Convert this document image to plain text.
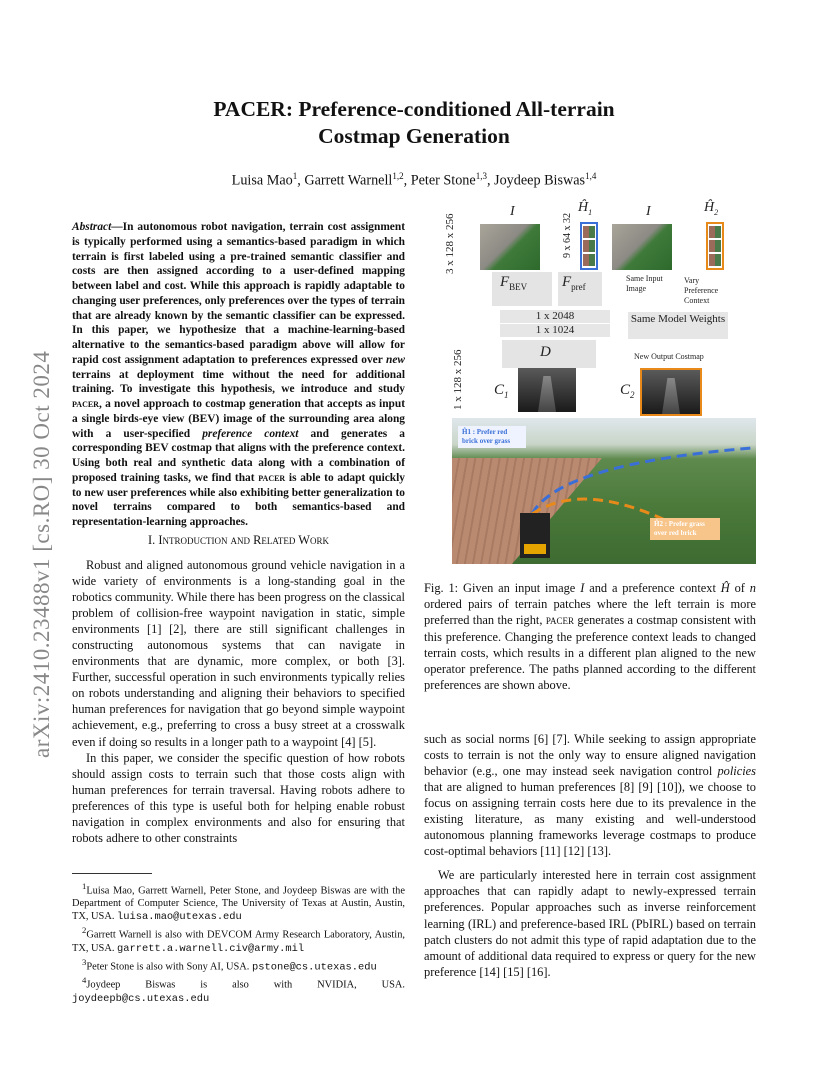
arXiv:2410.23488v1 [cs.RO] 30 Oct 2024
PACER: Preference-conditioned All-terrain
Costmap Generation
Luisa Mao$^1$, Garrett Warnell$^{1,2}$, Peter Stone$^{1,3}$, Joydeep Biswas$^{1,4}$
Abstract—In autonomous robot navigation, terrain cost assignment is typically performed using a semantics-based paradigm in which terrain is first labeled using a pre-trained semantic classifier and costs are then assigned according to a user-defined mapping between label and cost. While this approach is rapidly adaptable to changing user preferences, only preferences over the types of terrain that are already known by the semantic classifier can be expressed. In this paper, we hypothesize that a machine-learning-based alternative to the semantics-based paradigm above will allow for rapid cost assignment adaptation to preferences expressed over new terrains at deployment time without the need for additional training. To investigate this hypothesis, we introduce and study pacer, a novel approach to costmap generation that accepts as input a single birds-eye view (BEV) image of the surrounding area along with a user-specified preference context and generates a corresponding BEV costmap that aligns with the preference context. Using both real and synthetic data along with a combination of proposed training tasks, we find that pacer is able to adapt quickly to new user preferences while also exhibiting better generalization to novel terrains compared to both semantics-based and representation-learning approaches.
I. Introduction and Related Work

Robust and aligned autonomous ground vehicle navigation in a wide variety of environments is a long-standing goal in the robotics community. While there has been progress on the classical problem of collision-free waypoint navigation in static, simple environments [1] [2], there are still significant challenges in constructing autonomous systems that can navigate in environments that are dynamic, more complex, or both [3]. Further, successful operation in such environments typically relies on robots understanding and aligning their behaviors to specified human preferences for navigation that go beyond simple waypoint achievement, e.g., preferring to cross a busy street at a crosswalk even if doing so results in a longer path to a waypoint [4] [5].

In this paper, we consider the specific question of how robots should assign costs to terrain such that those costs align with human preferences for terrain traversal. Having robots adhere to preferences of this type is useful both for helping enable robust navigation in complex environments and also for ensuring that robots adhere to other constraints

$^1$Luisa Mao, Garrett Warnell, Peter Stone, and Joydeep Biswas are with the Department of Computer Science, The University of Texas at Austin, Austin, TX, USA. luisa.mao@utexas.edu

$^2$Garrett Warnell is also with DEVCOM Army Research Laboratory, Austin, TX, USA. garrett.a.warnell.civ@army.mil

$^3$Peter Stone is also with Sony AI, USA. pstone@cs.utexas.edu

$^4$Joydeep Biswas is also with NVIDIA, USA. joydeepb@cs.utexas.edu

3 x 128 x 256	9 x 64 x 32
1 x 128 x 256
I	$Ĥ_1$	I	$Ĥ_2$
$F_{BEV}$ $F_{pref}$
Same Input Image
Vary Preference Context
1 x 2048
1 x 1024
Same Model Weights
D	New Output Costmap
$C_1$	$C_2$
Ĥ1 : Prefer red brick over grass
Ĥ2 : Prefer grass over red brick
Fig. 1: Given an input image I and a preference context Ĥ of n ordered pairs of terrain patches where the left terrain is more preferred than the right, pacer generates a costmap consistent with this preference. Changing the preference context leads to changed terrain costs, which results in a different plan aligned to the new operator preference. The paths planned according to the different preferences are shown above.

such as social norms [6] [7]. While seeking to assign appropriate costs to terrain is not the only way to ensure aligned navigation behavior (e.g., one may instead seek navigation control policies that are aligned to human preferences [8] [9] [10]), we choose to focus on assigning terrain costs here due to its prevalence in the existing literature, as many existing and well-understood autonomous planning frameworks leverage costmaps to produce cost-optimal behaviors [11] [12] [13].

We are particularly interested here in terrain cost assignment approaches that can rapidly adapt to newly-expressed terrain preferences. Popular approaches such as inverse reinforcement learning (IRL) and preference-based IRL (PbIRL) based on terrain patch clusters do not admit this type of rapid adaptation due to the amount of additional data required to express or query for the new preference [14] [15] [16].
